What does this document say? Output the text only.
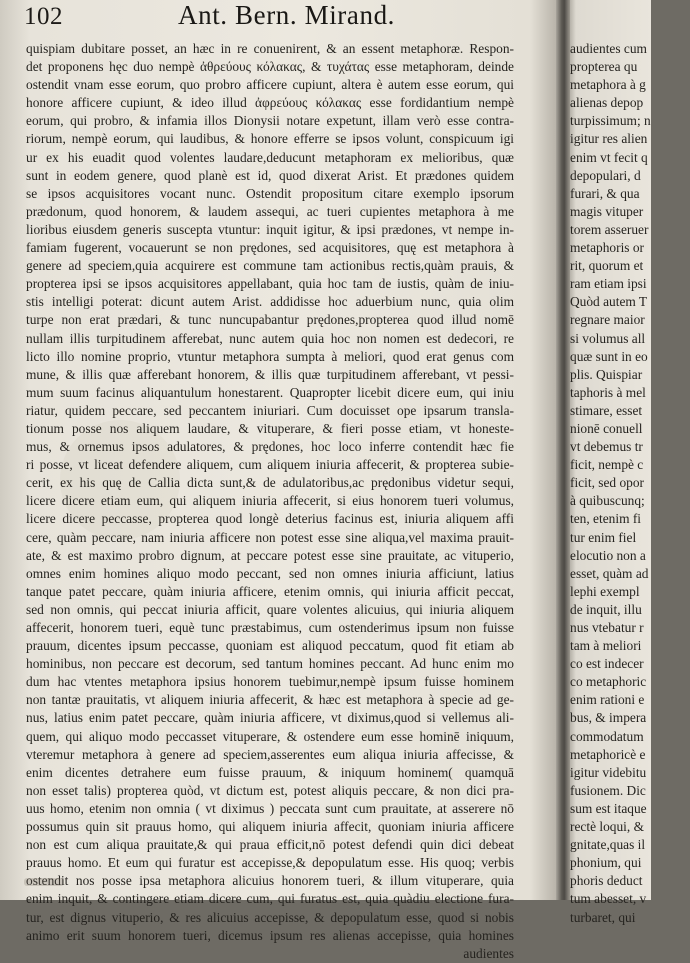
102	Ant. Bern. Mirand.
quispiam dubitare posset, an hæc in re conuenirent, & an essent metaphoræ. Respon-
det proponens hęc duo nempè ἀθρεύους κόλακας, & τυχάτας esse metaphoram, deinde
ostendit vnam esse eorum, quo probro afficere cupiunt, altera è autem esse eorum, qui
honore afficere cupiunt, & ideo illud ἀφρεύους κόλακας esse fordidantium nempè
eorum, qui probro, & infamia illos Dionysii notare expetunt, illam verò esse contra-
riorum, nempè eorum, qui laudibus, & honore efferre se ipsos volunt, conspicuum igi
ur ex his euadit quod volentes laudare,deducunt metaphoram ex melioribus, quæ
sunt in eodem genere, quod planè est id, quod dixerat Arist. Et prædones quidem
se ipsos acquisitores vocant nunc. Ostendit propositum citare exemplo ipsorum
prædonum, quod honorem, & laudem assequi, ac tueri cupientes metaphora à me
lioribus eiusdem generis suscepta vtuntur: inquit igitur, & ipsi prædones, vt nempe in-
famiam fugerent, vocauerunt se non prędones, sed acquisitores, quę est metaphora à
genere ad speciem,quia acquirere est commune tam actionibus rectis,quàm prauis, &
propterea ipsi se ipsos acquisitores appellabant, quia hoc tam de iustis, quàm de iniu-
stis intelligi poterat: dicunt autem Arist. addidisse hoc aduerbium nunc, quia olim
turpe non erat prædari, & tunc nuncupabantur prędones,propterea quod illud nomē
nullam illis turpitudinem afferebat, nunc autem quia hoc non nomen est dedecori, re
licto illo nomine proprio, vtuntur metaphora sumpta à meliori, quod erat genus com
mune, & illis quæ afferebant honorem, & illis quæ turpitudinem afferebant, vt pessi-
mum suum facinus aliquantulum honestarent. Quapropter licebit dicere eum, qui iniu
riatur, quidem peccare, sed peccantem iniuriari. Cum docuisset ope ipsarum transla-
tionum posse nos aliquem laudare, & vituperare, & fieri posse etiam, vt honeste-
mus, & ornemus ipsos adulatores, & prędones, hoc loco inferre contendit hæc fie
ri posse, vt liceat defendere aliquem, cum aliquem iniuria affecerit, & propterea subie-
cerit, ex his quę de Callia dicta sunt,& de adulatoribus,ac prędonibus videtur sequi,
licere dicere etiam eum, qui aliquem iniuria affecerit, si eius honorem tueri volumus,
licere dicere peccasse, propterea quod longè deterius facinus est, iniuria aliquem affi
cere, quàm peccare, nam iniuria afficere non potest esse sine aliqua,vel maxima prauit-
ate, & est maximo probro dignum, at peccare potest esse sine prauitate, ac vituperio,
omnes enim homines aliquo modo peccant, sed non omnes iniuria afficiunt, latius
tanque patet peccare, quàm iniuria afficere, etenim omnis, qui iniuria afficit peccat,
sed non omnis, qui peccat iniuria afficit, quare volentes alicuius, qui iniuria aliquem
affecerit, honorem tueri, equè tunc præstabimus, cum ostenderimus ipsum non fuisse
prauum, dicentes ipsum peccasse, quoniam est aliquod peccatum, quod fit etiam ab
hominibus, non peccare est decorum, sed tantum homines peccant. Ad hunc enim mo
dum hac vtentes metaphora ipsius honorem tuebimur,nempè ipsum fuisse hominem
non tantæ prauitatis, vt aliquem iniuria affecerit, & hæc est metaphora à specie ad ge-
nus, latius enim patet peccare, quàm iniuria afficere, vt diximus,quod si vellemus ali-
quem, qui aliquo modo peccasset vituperare, & ostendere eum esse hominē iniquum,
vteremur metaphora à genere ad speciem,asserentes eum aliqua iniuria affecisse, &
enim dicentes detrahere eum fuisse prauum, & iniquum hominem( quamquā
non esset talis) propterea quòd, vt dictum est, potest aliquis peccare, & non dici pra-
uus homo, etenim non omnia ( vt diximus ) peccata sunt cum prauitate, at asserere nō
possumus quin sit prauus homo, qui aliquem iniuria affecit, quoniam iniuria afficere
non est cum aliqua prauitate,& qui praua efficit,nō potest defendi quin dici debeat
prauus homo. Et eum qui furatur est accepisse,& depopulatum esse. His quoq; verbis
ostendit nos posse ipsa metaphora alicuius honorem tueri, & illum vituperare, quia
enim inquit, & contingere etiam dicere cum, qui furatus est, quia quàdiu electione fura-
tur, est dignus vituperio, & res alicuius accepisse, & depopulatum esse, quod si nobis
animo erit suum honorem tueri, dicemus ipsum res alienas accepisse, quia homines
audientes
audientes cum
propterea qu
metaphora à g
alienas depop
turpissimum; n
igitur res alien
enim vt fecit q
depopulari, d
furari, & qua
magis vituper
torem asseruer
metaphoris or
rit, quorum et
ram etiam ipsi
Quòd autem T
regnare maior
si volumus all
quæ sunt in eo
plis. Quispiar
taphoris à mel
stimare, esset
nionē conuell
vt debemus tr
ficit, nempè c
ficit, sed opor
à quibuscunq;
ten, etenim fi
tur enim fiel
elocutio non a
esset, quàm ad
lephi exempl
de inquit, illu
nus vtebatur r
tam à meliori
co est indecer
co metaphoric
enim rationi e
bus, & impera
commodatum
metaphoricè e
igitur videbitu
fusionem. Dic
sum est itaque
rectè loqui, &
gnitate,quas il
phonium, qui
phoris deduct
tum abesset, v
turbaret, qui
